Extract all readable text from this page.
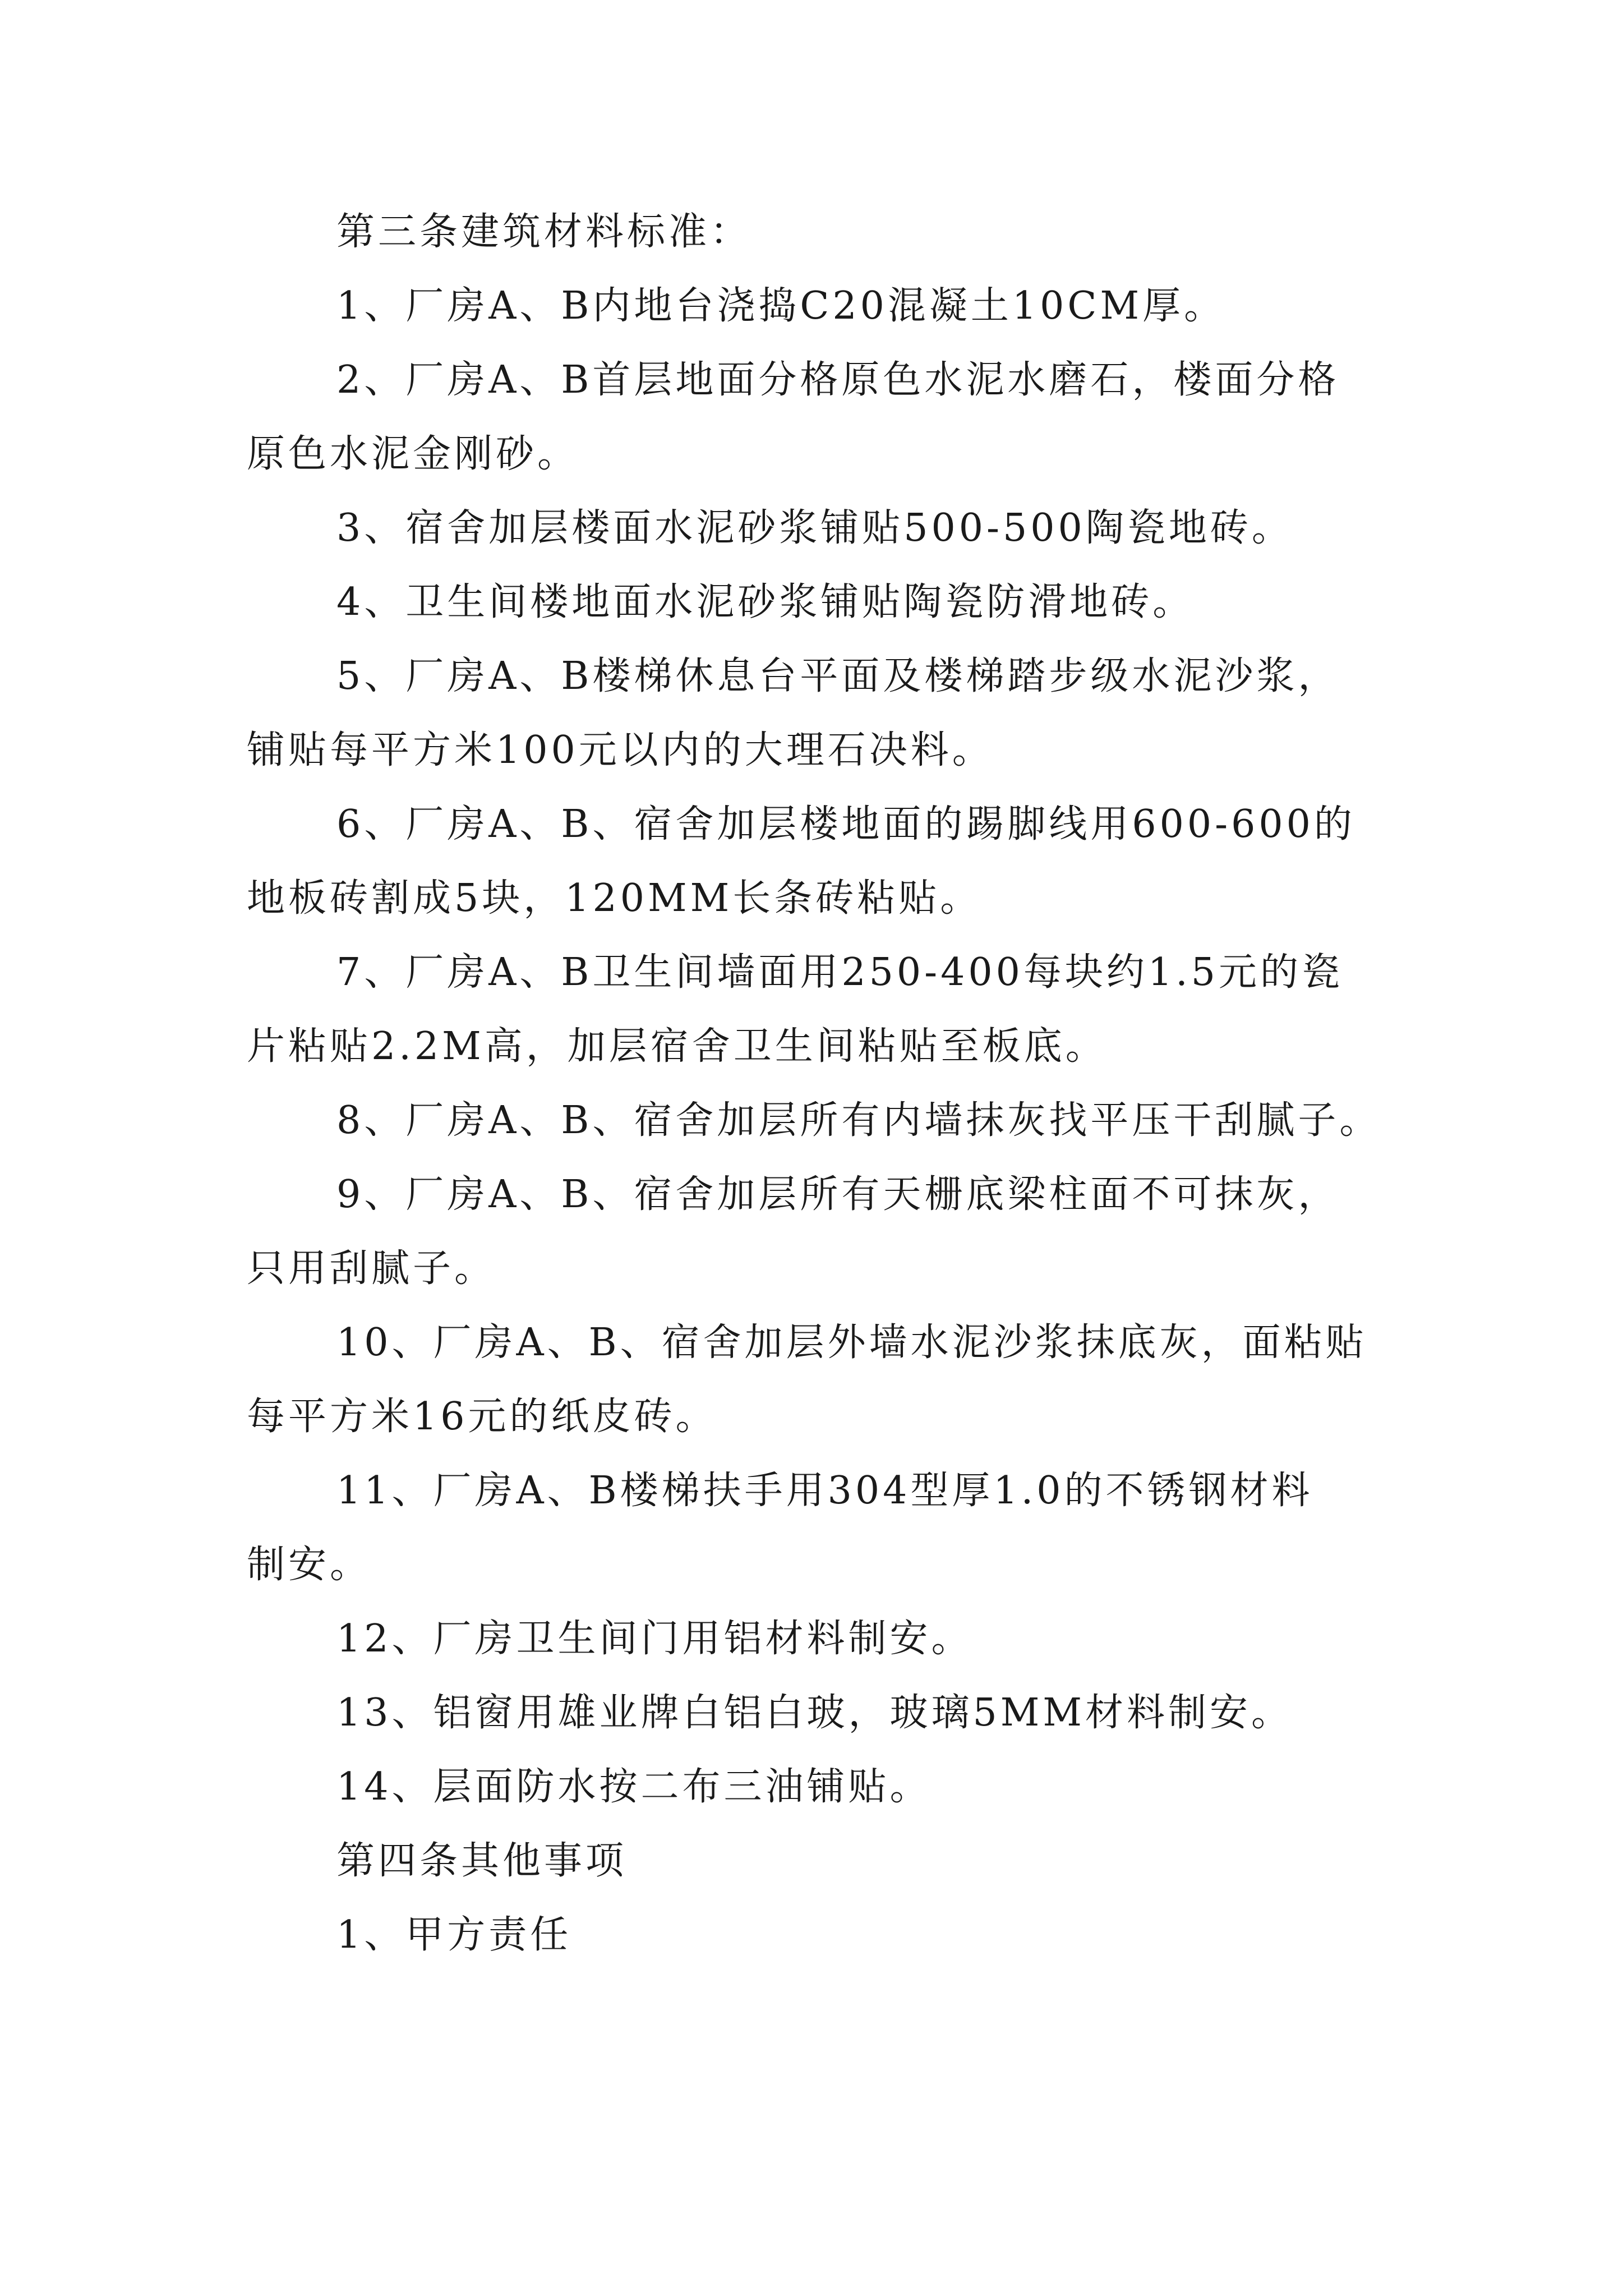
第三条建筑材料标准：
1、厂房A、B内地台浇捣C20混凝土10CM厚。
2、厂房A、B首层地面分格原色水泥水磨石，楼面分格
原色水泥金刚砂。
3、宿舍加层楼面水泥砂浆铺贴500-500陶瓷地砖。
4、卫生间楼地面水泥砂浆铺贴陶瓷防滑地砖。
5、厂房A、B楼梯休息台平面及楼梯踏步级水泥沙浆，
铺贴每平方米100元以内的大理石决料。
6、厂房A、B、宿舍加层楼地面的踢脚线用600-600的
地板砖割成5块，120MM长条砖粘贴。
7、厂房A、B卫生间墙面用250-400每块约1.5元的瓷
片粘贴2.2M高，加层宿舍卫生间粘贴至板底。
8、厂房A、B、宿舍加层所有内墙抹灰找平压干刮腻子。
9、厂房A、B、宿舍加层所有天栅底梁柱面不可抹灰，
只用刮腻子。
10、厂房A、B、宿舍加层外墙水泥沙浆抹底灰，面粘贴
每平方米16元的纸皮砖。
11、厂房A、B楼梯扶手用304型厚1.0的不锈钢材料
制安。
12、厂房卫生间门用铝材料制安。
13、铝窗用雄业牌白铝白玻，玻璃5MM材料制安。
14、层面防水按二布三油铺贴。
第四条其他事项
1、甲方责任
